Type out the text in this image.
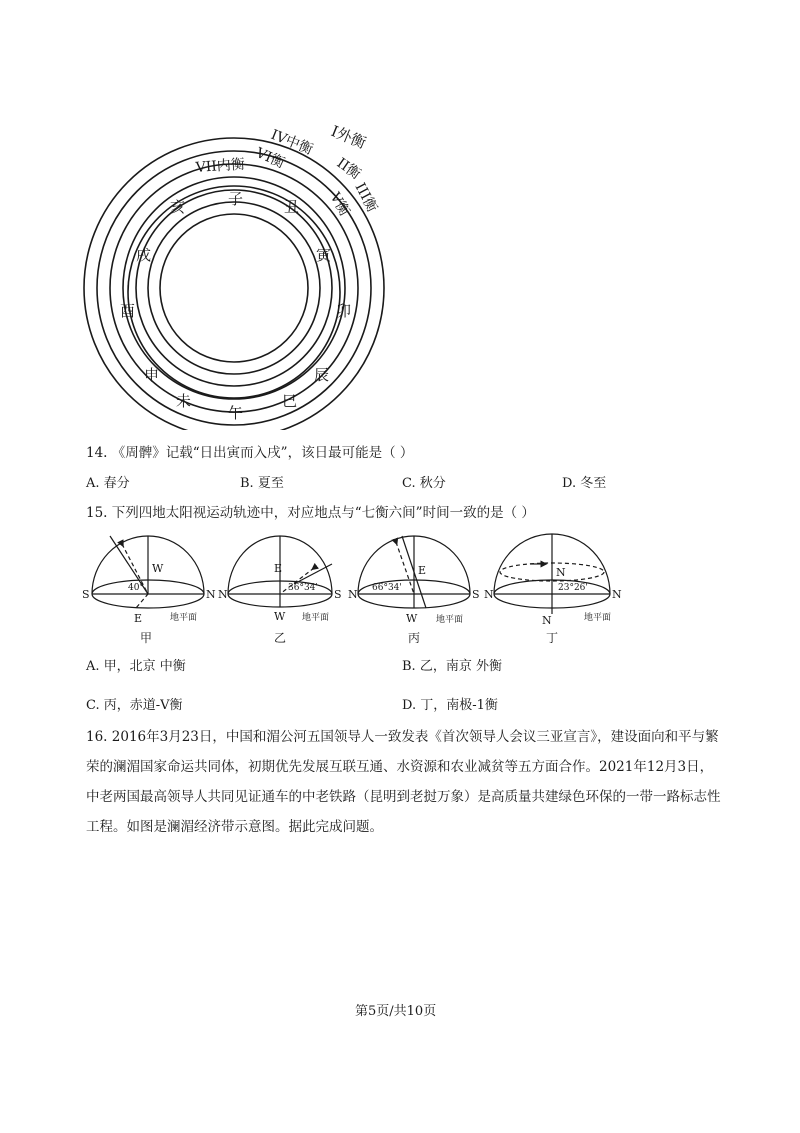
I外衡
II衡
III衡
IV中衡
V衡
VI衡
VII内衡
子	丑
寅
卯
辰
巳
午
未
申
酉
戌
亥
14. 《周髀》记载“日出寅而入戌”，该日最可能是（ ）
A. 春分	B. 夏至	C. 秋分	D. 冬至
15. 下列四地太阳视运动轨迹中，对应地点与“七衡六间”时间一致的是（ ）
S	N
W
E
40°
地平面
甲
N	S
E
W
36°34'
地平面
乙
N	S
E
W
66°34'
地平面
丙
N	N
N
N
23°26'
地平面
丁
A. 甲，北京 中衡	B. 乙，南京 外衡
C. 丙，赤道-V衡	D. 丁，南极-1衡
16. 2016年3月23日，中国和湄公河五国领导人一致发表《首次领导人会议三亚宣言》，建设面向和平与繁荣的澜湄国家命运共同体，初期优先发展互联互通、水资源和农业减贫等五方面合作。2021年12月3日，中老两国最高领导人共同见证通车的中老铁路（昆明到老挝万象）是高质量共建绿色环保的一带一路标志性工程。如图是澜湄经济带示意图。据此完成问题。
第5页/共10页
